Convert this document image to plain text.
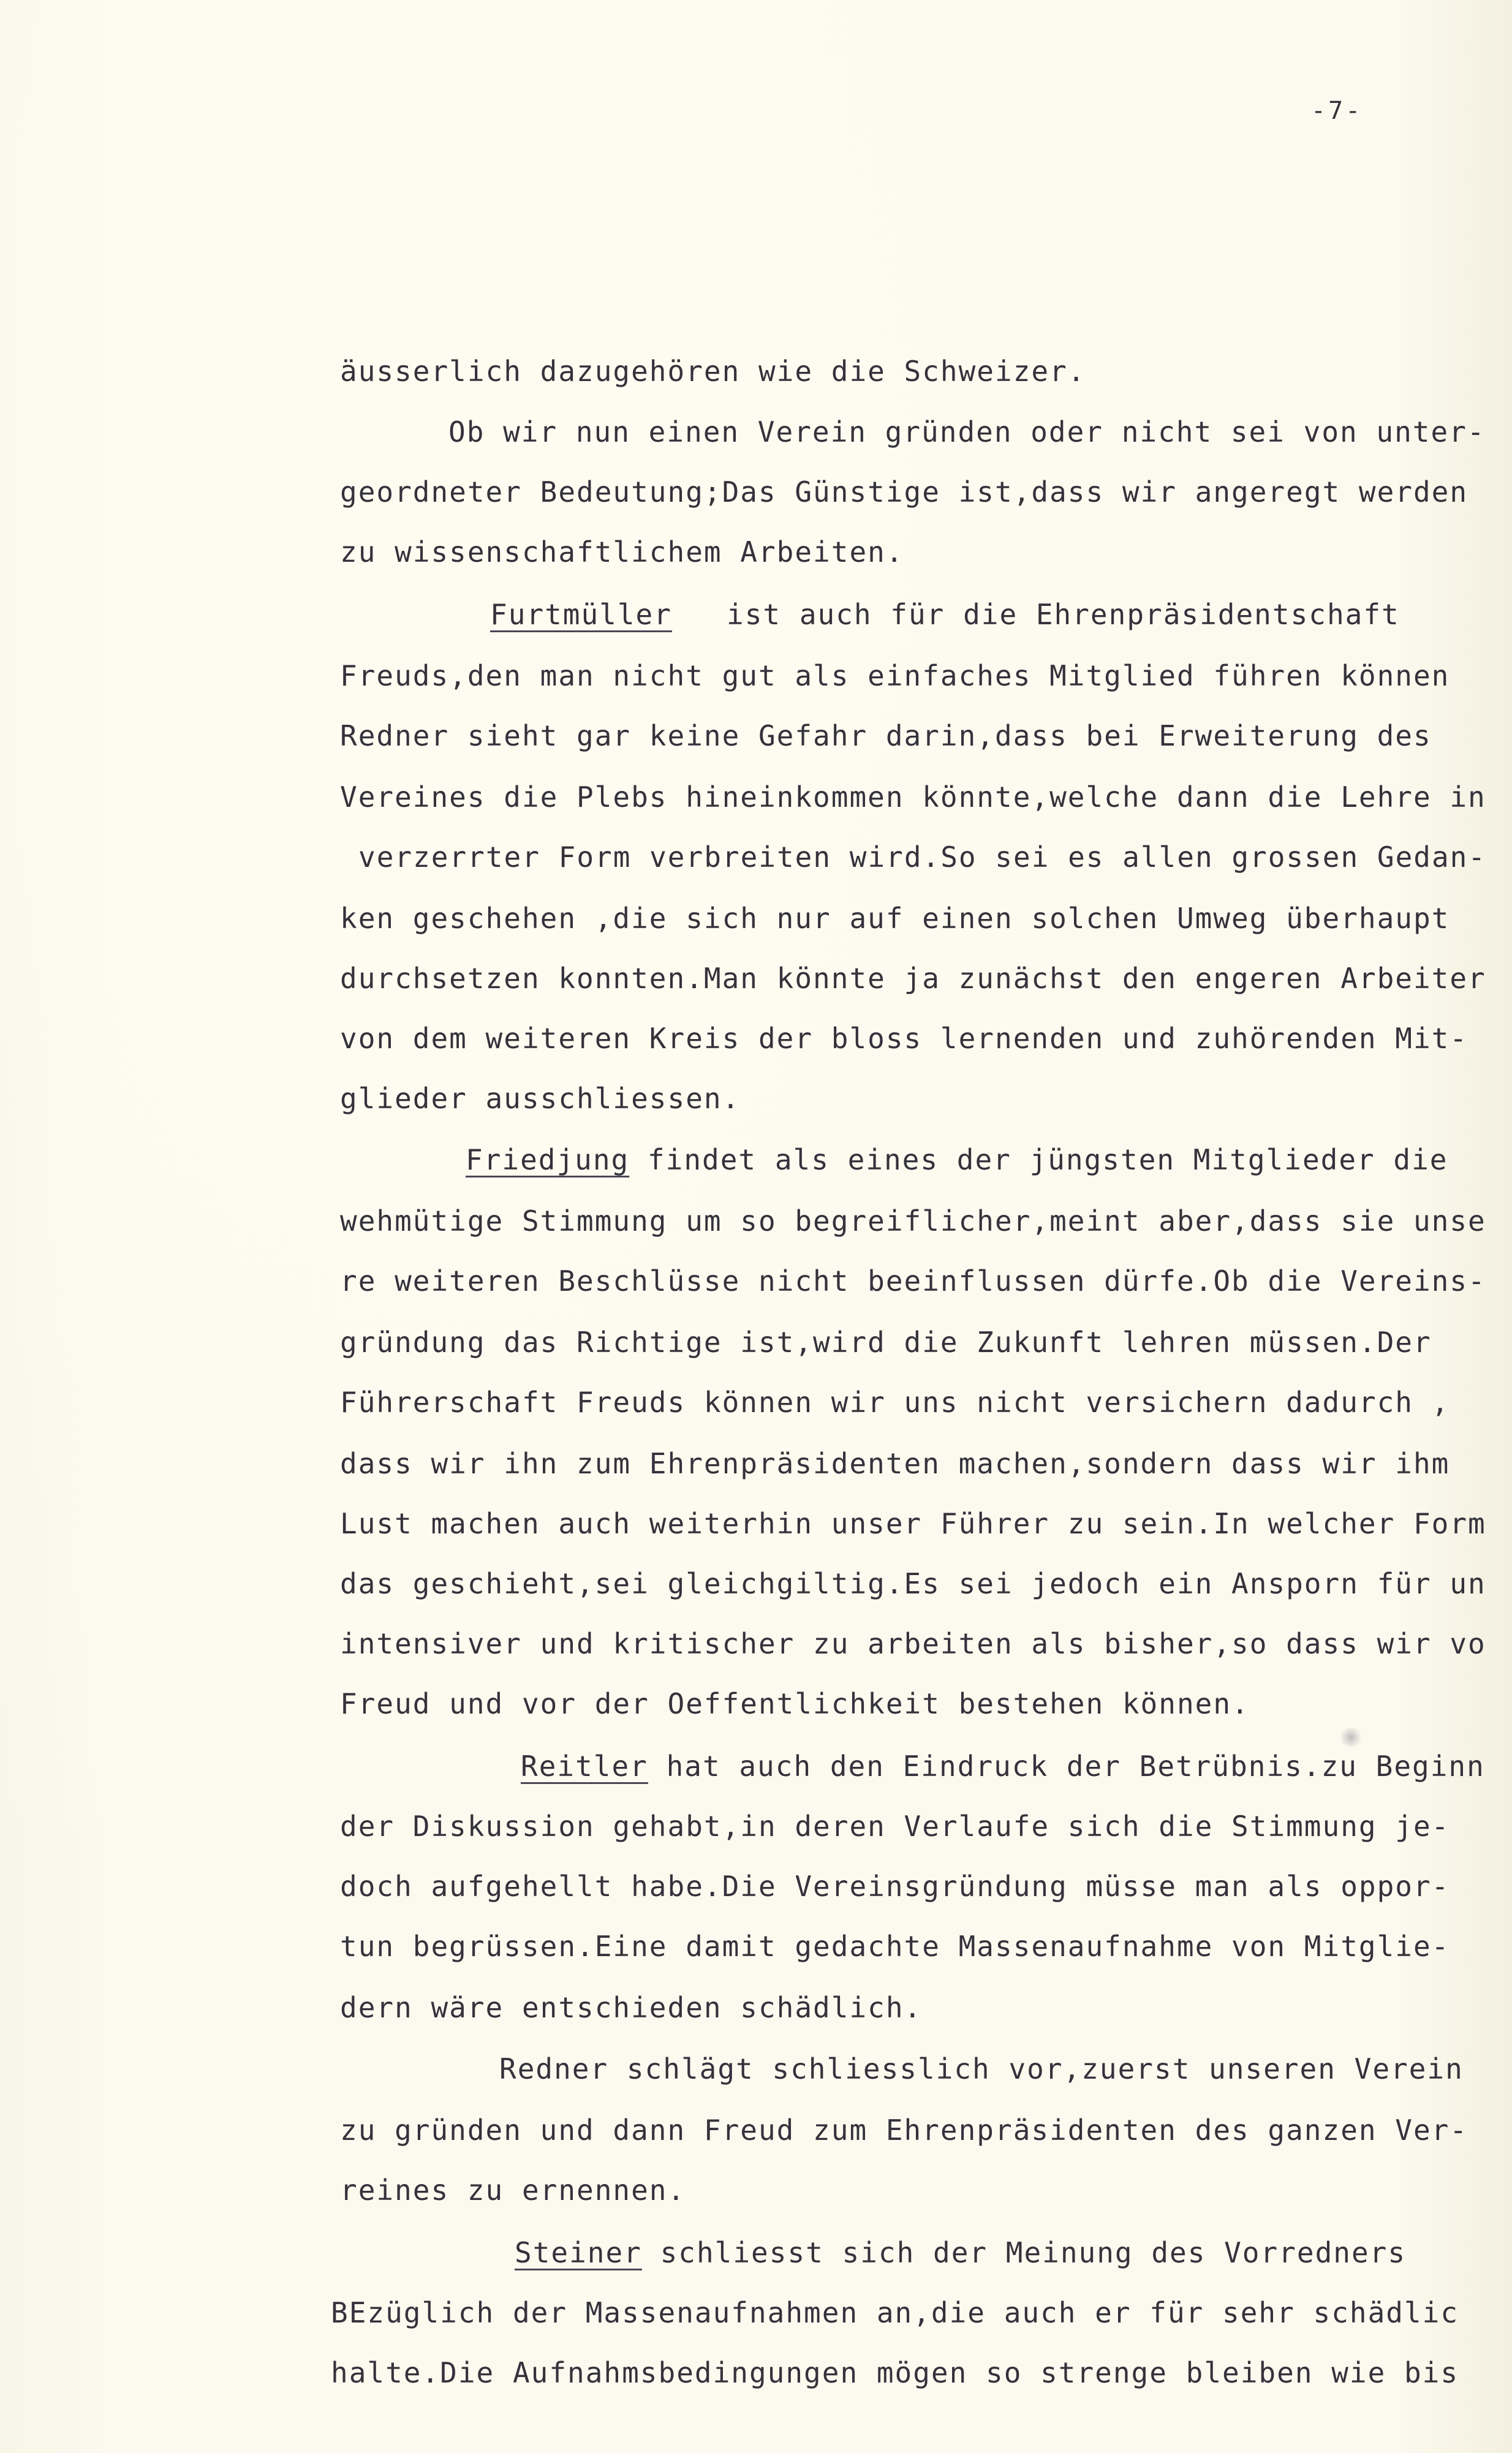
-7-
äusserlich dazugehören wie die Schweizer.
Ob wir nun einen Verein gründen oder nicht sei von unter-
geordneter Bedeutung;Das Günstige ist,dass wir angeregt werden
zu wissenschaftlichem Arbeiten.
Furtmüller ist auch für die Ehrenpräsidentschaft
Freuds,den man nicht gut als einfaches Mitglied führen können
Redner sieht gar keine Gefahr darin,dass bei Erweiterung des
Vereines die Plebs hineinkommen könnte,welche dann die Lehre in
verzerrter Form verbreiten wird.So sei es allen grossen Gedan-
ken geschehen ,die sich nur auf einen solchen Umweg überhaupt
durchsetzen konnten.Man könnte ja zunächst den engeren Arbeiter
von dem weiteren Kreis der bloss lernenden und zuhörenden Mit-
glieder ausschliessen.
Friedjung findet als eines der jüngsten Mitglieder die
wehmütige Stimmung um so begreiflicher,meint aber,dass sie unse
re weiteren Beschlüsse nicht beeinflussen dürfe.Ob die Vereins-
gründung das Richtige ist,wird die Zukunft lehren müssen.Der
Führerschaft Freuds können wir uns nicht versichern dadurch ,
dass wir ihn zum Ehrenpräsidenten machen,sondern dass wir ihm
Lust machen auch weiterhin unser Führer zu sein.In welcher Form
das geschieht,sei gleichgiltig.Es sei jedoch ein Ansporn für un
intensiver und kritischer zu arbeiten als bisher,so dass wir vo
Freud und vor der Oeffentlichkeit bestehen können.
Reitler hat auch den Eindruck der Betrübnis.zu Beginn
der Diskussion gehabt,in deren Verlaufe sich die Stimmung je-
doch aufgehellt habe.Die Vereinsgründung müsse man als oppor-
tun begrüssen.Eine damit gedachte Massenaufnahme von Mitglie-
dern wäre entschieden schädlich.
Redner schlägt schliesslich vor,zuerst unseren Verein
zu gründen und dann Freud zum Ehrenpräsidenten des ganzen Ver-
reines zu ernennen.
Steiner schliesst sich der Meinung des Vorredners
BEzüglich der Massenaufnahmen an,die auch er für sehr schädlic
halte.Die Aufnahmsbedingungen mögen so strenge bleiben wie bis
